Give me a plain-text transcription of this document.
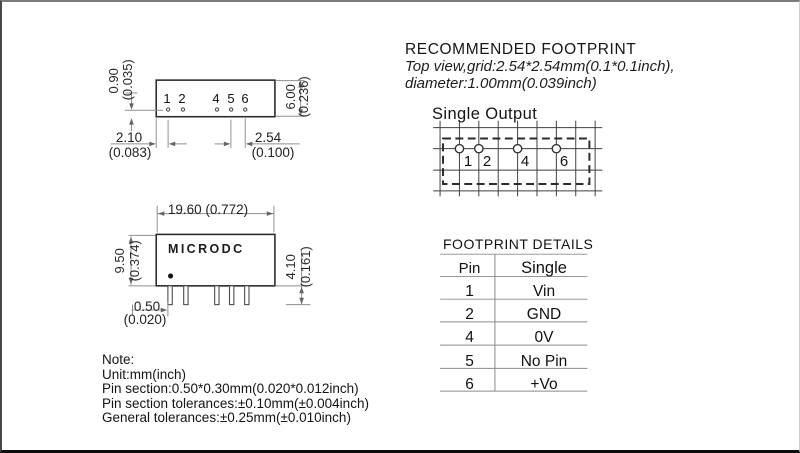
1 2 4 5 6
0.90 (0.035)	6.00
(0.236)
2.10
(0.083)
2.54
(0.100)
19.60 (0.772)
MICRODC
9.50 (0.374)	4.10 (0.161)
0.50
(0.020)
Note:
Unit:mm(inch)
Pin section:0.50*0.30mm(0.020*0.012inch)
Pin section tolerances:±0.10mm(±0.004inch)
General tolerances:±0.25mm(±0.010inch)
RECOMMENDED FOOTPRINT
Top view,grid:2.54*2.54mm(0.1*0.1inch),
diameter:1.00mm(0.039inch)
Single Output
1 2 4 6
FOOTPRINT DETAILS
Pin	Single
1	Vin
2	GND
4	0V
5	No Pin
6	+Vo
